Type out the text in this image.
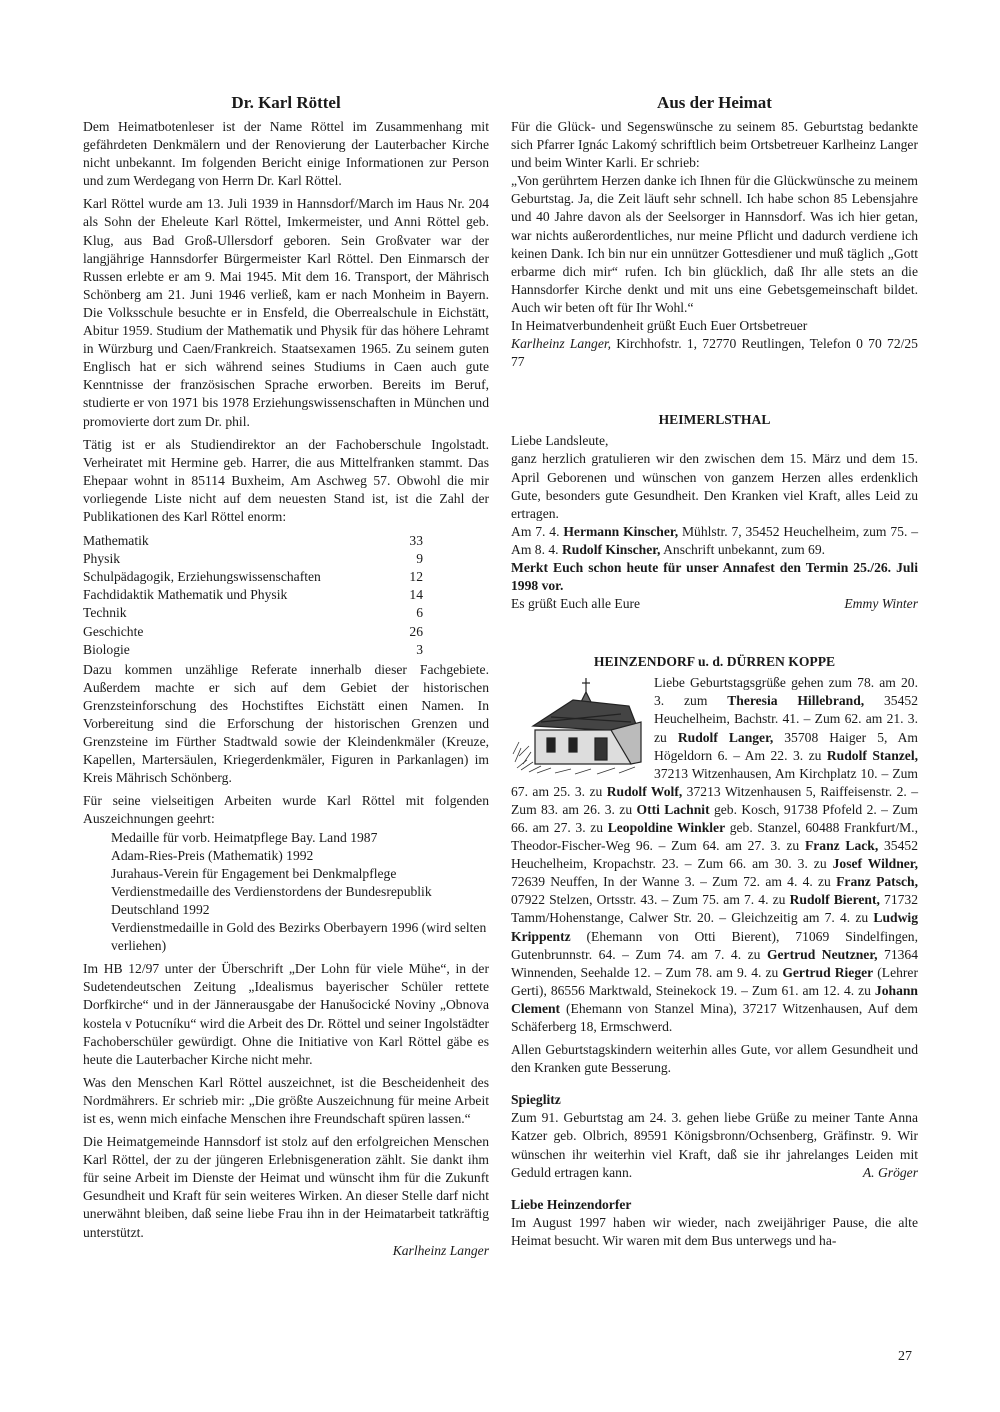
Dr. Karl Röttel

Dem Heimatbotenleser ist der Name Röttel im Zusammenhang mit gefährdeten Denkmälern und der Renovierung der Lauterbacher Kirche nicht unbekannt. Im folgenden Bericht einige Informationen zur Person und zum Werdegang von Herrn Dr. Karl Röttel.

Karl Röttel wurde am 13. Juli 1939 in Hannsdorf/March im Haus Nr. 204 als Sohn der Eheleute Karl Röttel, Imkermeister, und Anni Röttel geb. Klug, aus Bad Groß-Ullersdorf geboren. Sein Großvater war der langjährige Hannsdorfer Bürgermeister Karl Röttel. Den Einmarsch der Russen erlebte er am 9. Mai 1945. Mit dem 16. Transport, der Mährisch Schönberg am 21. Juni 1946 verließ, kam er nach Monheim in Bayern. Die Volksschule besuchte er in Ensfeld, die Oberrealschule in Eichstätt, Abitur 1959. Studium der Mathematik und Physik für das höhere Lehramt in Würzburg und Caen/Frankreich. Staatsexamen 1965. Zu seinem guten Englisch hat er sich während seines Studiums in Caen auch gute Kenntnisse der französischen Sprache erworben. Bereits im Beruf, studierte er von 1971 bis 1978 Erziehungswissenschaften in München und promovierte dort zum Dr. phil.

Tätig ist er als Studiendirektor an der Fachoberschule Ingolstadt. Verheiratet mit Hermine geb. Harrer, die aus Mittelfranken stammt. Das Ehepaar wohnt in 85114 Buxheim, Am Aschweg 57. Obwohl die mir vorliegende Liste nicht auf dem neuesten Stand ist, ist die Zahl der Publikationen des Karl Röttel enorm:

Mathematik	33
Physik	9
Schulpädagogik, Erziehungswissenschaften	12
Fachdidaktik Mathematik und Physik	14
Technik	6
Geschichte	26
Biologie	3

Dazu kommen unzählige Referate innerhalb dieser Fachgebiete. Außerdem machte er sich auf dem Gebiet der historischen Grenzsteinforschung des Hochstiftes Eichstätt einen Namen. In Vorbereitung sind die Erforschung der historischen Grenzen und Grenzsteine im Fürther Stadtwald sowie der Kleindenkmäler (Kreuze, Kapellen, Martersäulen, Kriegerdenkmäler, Figuren in Parkanlagen) im Kreis Mährisch Schönberg.

Für seine vielseitigen Arbeiten wurde Karl Röttel mit folgenden Auszeichnungen geehrt:

Medaille für vorb. Heimatpflege Bay. Land 1987
Adam-Ries-Preis (Mathematik) 1992
Jurahaus-Verein für Engagement bei Denkmalpflege
Verdienstmedaille des Verdienstordens der Bundesrepublik Deutschland 1992
Verdienstmedaille in Gold des Bezirks Oberbayern 1996 (wird selten verliehen)

Im HB 12/97 unter der Überschrift „Der Lohn für viele Mühe“, in der Sudetendeutschen Zeitung „Idealismus bayerischer Schüler rettete Dorfkirche“ und in der Jännerausgabe der Hanušocické Noviny „Obnova kostela v Potucníku“ wird die Arbeit des Dr. Röttel und seiner Ingolstädter Fachoberschüler gewürdigt. Ohne die Initiative von Karl Röttel gäbe es heute die Lauterbacher Kirche nicht mehr.

Was den Menschen Karl Röttel auszeichnet, ist die Bescheidenheit des Nordmährers. Er schrieb mir: „Die größte Auszeichnung für meine Arbeit ist es, wenn mich einfache Menschen ihre Freundschaft spüren lassen.“

Die Heimatgemeinde Hannsdorf ist stolz auf den erfolgreichen Menschen Karl Röttel, der zu der jüngeren Erlebnisgeneration zählt. Sie dankt ihm für seine Arbeit im Dienste der Heimat und wünscht ihm für die Zukunft Gesundheit und Kraft für sein weiteres Wirken. An dieser Stelle darf nicht unerwähnt bleiben, daß seine liebe Frau ihn in der Heimatarbeit tatkräftig unterstützt.

Karlheinz Langer

Aus der Heimat

Für die Glück- und Segenswünsche zu seinem 85. Geburtstag bedankte sich Pfarrer Ignác Lakomý schriftlich beim Ortsbetreuer Karlheinz Langer und beim Winter Karli. Er schrieb:

„Von gerührtem Herzen danke ich Ihnen für die Glückwünsche zu meinem Geburtstag. Ja, die Zeit läuft sehr schnell. Ich habe schon 85 Lebensjahre und 40 Jahre davon als der Seelsorger in Hannsdorf. Was ich hier getan, war nichts außerordentliches, nur meine Pflicht und dadurch verdiene ich keinen Dank. Ich bin nur ein unnützer Gottesdiener und muß täglich „Gott erbarme dich mir“ rufen. Ich bin glücklich, daß Ihr alle stets an die Hannsdorfer Kirche denkt und mit uns eine Gebetsgemeinschaft bildet. Auch wir beten oft für Ihr Wohl.“

In Heimatverbundenheit grüßt Euch Euer Ortsbetreuer

Karlheinz Langer, Kirchhofstr. 1, 72770 Reutlingen, Telefon 0 70 72/25 77

HEIMERLSTHAL

Liebe Landsleute,

ganz herzlich gratulieren wir den zwischen dem 15. März und dem 15. April Geborenen und wünschen von ganzem Herzen alles erdenklich Gute, besonders gute Gesundheit. Den Kranken viel Kraft, alles Leid zu ertragen.

Am 7. 4. Hermann Kinscher, Mühlstr. 7, 35452 Heuchelheim, zum 75. – Am 8. 4. Rudolf Kinscher, Anschrift unbekannt, zum 69.

Merkt Euch schon heute für unser Annafest den Termin 25./26. Juli 1998 vor.

Es grüßt Euch alle Eure	Emmy Winter
HEINZENDORF u. d. DÜRREN KOPPE

Liebe Geburtstagsgrüße gehen zum 78. am 20. 3. zum Theresia Hillebrand, 35452 Heuchelheim, Bachstr. 41. – Zum 62. am 21. 3. zu Rudolf Langer, 35708 Haiger 5, Am Högeldorn 6. – Am 22. 3. zu Rudolf Stanzel, 37213 Witzenhausen, Am Kirchplatz 10. – Zum 67. am 25. 3. zu Rudolf Wolf, 37213 Witzenhausen 5, Raiffeisenstr. 2. – Zum 83. am 26. 3. zu Otti Lachnit geb. Kosch, 91738 Pfofeld 2. – Zum 66. am 27. 3. zu Leopoldine Winkler geb. Stanzel, 60488 Frankfurt/M., Theodor-Fischer-Weg 96. – Zum 64. am 27. 3. zu Franz Lack, 35452 Heuchelheim, Kropachstr. 23. – Zum 66. am 30. 3. zu Josef Wildner, 72639 Neuffen, In der Wanne 3. – Zum 72. am 4. 4. zu Franz Patsch, 07922 Stelzen, Ortsstr. 43. – Zum 75. am 7. 4. zu Rudolf Bierent, 71732 Tamm/Hohenstange, Calwer Str. 20. – Gleichzeitig am 7. 4. zu Ludwig Krippentz (Ehemann von Otti Bierent), 71069 Sindelfingen, Gutenbrunnstr. 64. – Zum 74. am 7. 4. zu Gertrud Neutzner, 71364 Winnenden, Seehalde 12. – Zum 78. am 9. 4. zu Gertrud Rieger (Lehrer Gerti), 86556 Marktwald, Steinekock 19. – Zum 61. am 12. 4. zu Johann Clement (Ehemann von Stanzel Mina), 37217 Witzenhausen, Auf dem Schäferberg 18, Ermschwerd.

Allen Geburtstagskindern weiterhin alles Gute, vor allem Gesundheit und den Kranken gute Besserung.

Spieglitz

Zum 91. Geburtstag am 24. 3. gehen liebe Grüße zu meiner Tante Anna Katzer geb. Olbrich, 89591 Königsbronn/Ochsenberg, Gräfinstr. 9. Wir wünschen ihr weiterhin viel Kraft, daß sie ihr jahrelanges Leiden mit Geduld ertragen kann.	A. Gröger

Liebe Heinzendorfer

Im August 1997 haben wir wieder, nach zweijähriger Pause, die alte Heimat besucht. Wir waren mit dem Bus unterwegs und ha-

27
